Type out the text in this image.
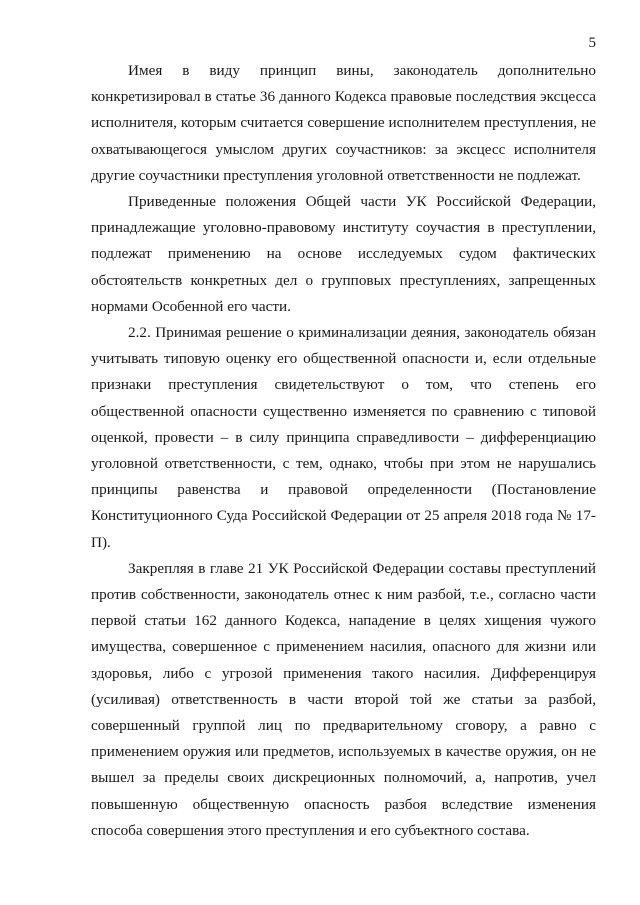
5

Имея в виду принцип вины, законодатель дополнительно конкретизировал в статье 36 данного Кодекса правовые последствия эксцесса исполнителя, которым считается совершение исполнителем преступления, не охватывающегося умыслом других соучастников: за эксцесс исполнителя другие соучастники преступления уголовной ответственности не подлежат.

Приведенные положения Общей части УК Российской Федерации, принадлежащие уголовно-правовому институту соучастия в преступлении, подлежат применению на основе исследуемых судом фактических обстоятельств конкретных дел о групповых преступлениях, запрещенных нормами Особенной его части.

2.2. Принимая решение о криминализации деяния, законодатель обязан учитывать типовую оценку его общественной опасности и, если отдельные признаки преступления свидетельствуют о том, что степень его общественной опасности существенно изменяется по сравнению с типовой оценкой, провести – в силу принципа справедливости – дифференциацию уголовной ответственности, с тем, однако, чтобы при этом не нарушались принципы равенства и правовой определенности (Постановление Конституционного Суда Российской Федерации от 25 апреля 2018 года № 17-П).

Закрепляя в главе 21 УК Российской Федерации составы преступлений против собственности, законодатель отнес к ним разбой, т.е., согласно части первой статьи 162 данного Кодекса, нападение в целях хищения чужого имущества, совершенное с применением насилия, опасного для жизни или здоровья, либо с угрозой применения такого насилия. Дифференцируя (усиливая) ответственность в части второй той же статьи за разбой, совершенный группой лиц по предварительному сговору, а равно с применением оружия или предметов, используемых в качестве оружия, он не вышел за пределы своих дискреционных полномочий, а, напротив, учел повышенную общественную опасность разбоя вследствие изменения способа совершения этого преступления и его субъектного состава.
